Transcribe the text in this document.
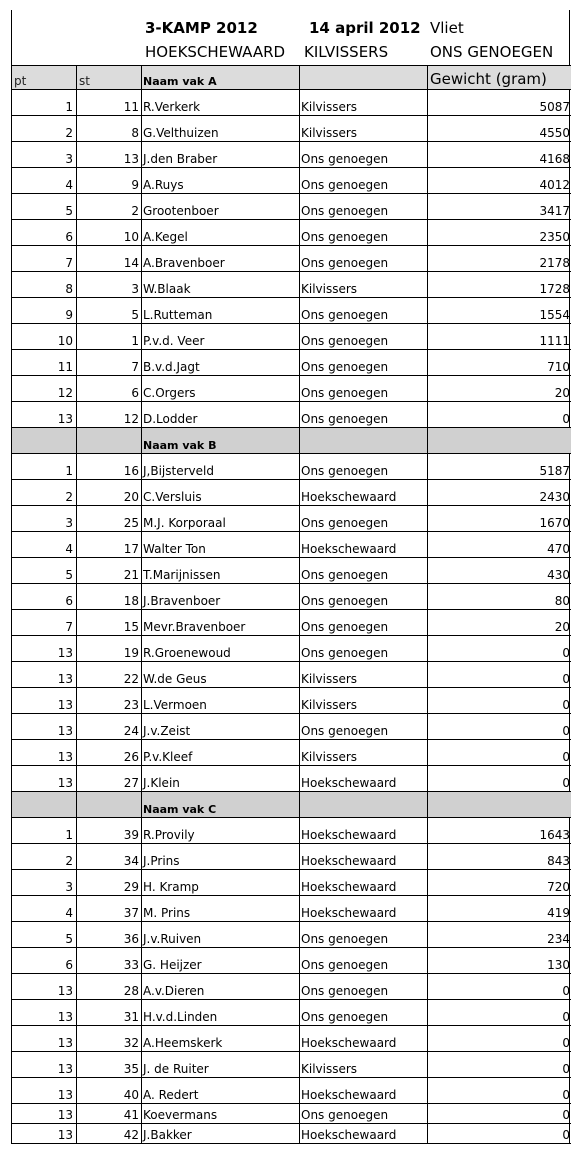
3-KAMP 2012	14 april 2012 Vliet
HOEKSCHEWAARD KILVISSERS	ONS GENOEGEN
pt	st	Naam vak A	Gewicht (gram)
1	11 R.Verkerk	Kilvissers	5087
2	8 G.Velthuizen	Kilvissers	4550
3	13 J.den Braber	Ons genoegen	4168
4	9 A.Ruys	Ons genoegen	4012
5	2 Grootenboer	Ons genoegen	3417
6	10 A.Kegel	Ons genoegen	2350
7	14 A.Bravenboer	Ons genoegen	2178
8	3 W.Blaak	Kilvissers	1728
9	5 L.Rutteman	Ons genoegen	1554
10	1 P.v.d. Veer	Ons genoegen	1111
11	7 B.v.d.Jagt	Ons genoegen	710
12	6 C.Orgers	Ons genoegen	20
13	12 D.Lodder	Ons genoegen	0
Naam vak B
1	16 J,Bijsterveld	Ons genoegen	5187
2	20 C.Versluis	Hoekschewaard	2430
3	25 M.J. Korporaal	Ons genoegen	1670
4	17 Walter Ton	Hoekschewaard	470
5	21 T.Marijnissen	Ons genoegen	430
6	18 J.Bravenboer	Ons genoegen	80
7	15 Mevr.Bravenboer	Ons genoegen	20
13	19 R.Groenewoud	Ons genoegen	0
13	22 W.de Geus	Kilvissers	0
13	23 L.Vermoen	Kilvissers	0
13	24 J.v.Zeist	Ons genoegen	0
13	26 P.v.Kleef	Kilvissers	0
13	27 J.Klein	Hoekschewaard	0
Naam vak C
1	39 R.Provily	Hoekschewaard	1643
2	34 J.Prins	Hoekschewaard	843
3	29 H. Kramp	Hoekschewaard	720
4	37 M. Prins	Hoekschewaard	419
5	36 J.v.Ruiven	Ons genoegen	234
6	33 G. Heijzer	Ons genoegen	130
13	28 A.v.Dieren	Ons genoegen	0
13	31 H.v.d.Linden	Ons genoegen	0
13	32 A.Heemskerk	Hoekschewaard	0
13	35 J. de Ruiter	Kilvissers	0
13	40 A. Redert	Hoekschewaard	0
13	41 Koevermans	Ons genoegen	0
13	42 J.Bakker	Hoekschewaard	0
